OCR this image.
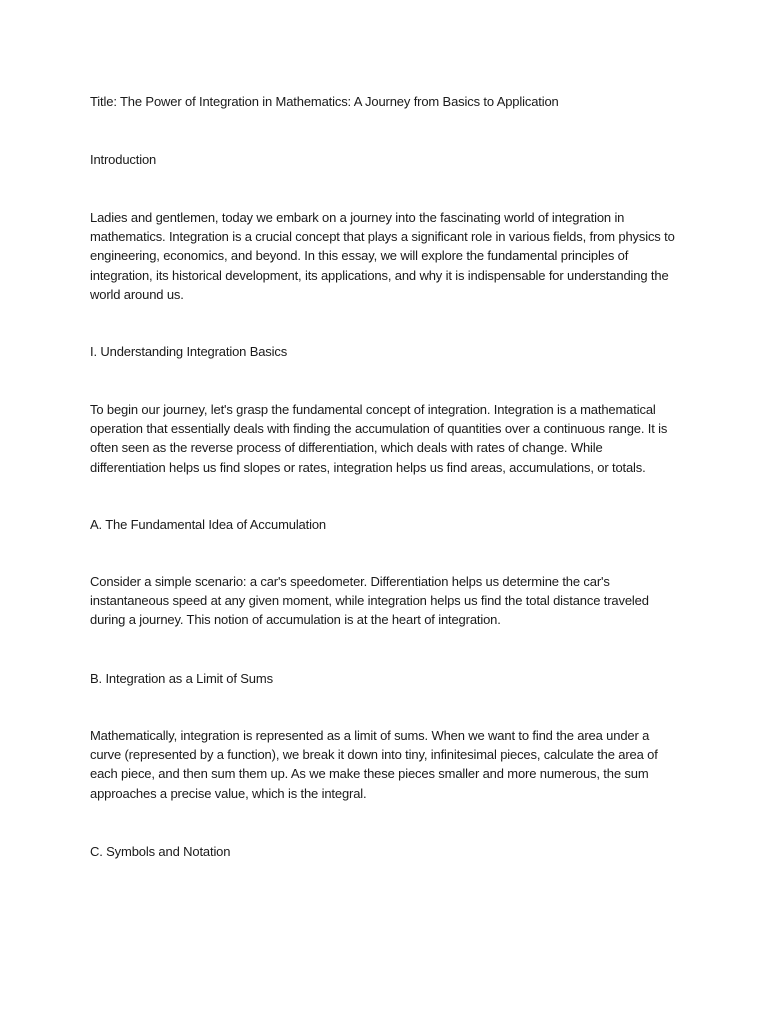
Title: The Power of Integration in Mathematics: A Journey from Basics to Application

Introduction

Ladies and gentlemen, today we embark on a journey into the fascinating world of integration in
mathematics. Integration is a crucial concept that plays a significant role in various fields, from physics to
engineering, economics, and beyond. In this essay, we will explore the fundamental principles of
integration, its historical development, its applications, and why it is indispensable for understanding the
world around us.

I. Understanding Integration Basics

To begin our journey, let's grasp the fundamental concept of integration. Integration is a mathematical
operation that essentially deals with finding the accumulation of quantities over a continuous range. It is
often seen as the reverse process of differentiation, which deals with rates of change. While
differentiation helps us find slopes or rates, integration helps us find areas, accumulations, or totals.

A. The Fundamental Idea of Accumulation

Consider a simple scenario: a car's speedometer. Differentiation helps us determine the car's
instantaneous speed at any given moment, while integration helps us find the total distance traveled
during a journey. This notion of accumulation is at the heart of integration.

B. Integration as a Limit of Sums

Mathematically, integration is represented as a limit of sums. When we want to find the area under a
curve (represented by a function), we break it down into tiny, infinitesimal pieces, calculate the area of
each piece, and then sum them up. As we make these pieces smaller and more numerous, the sum
approaches a precise value, which is the integral.

C. Symbols and Notation
